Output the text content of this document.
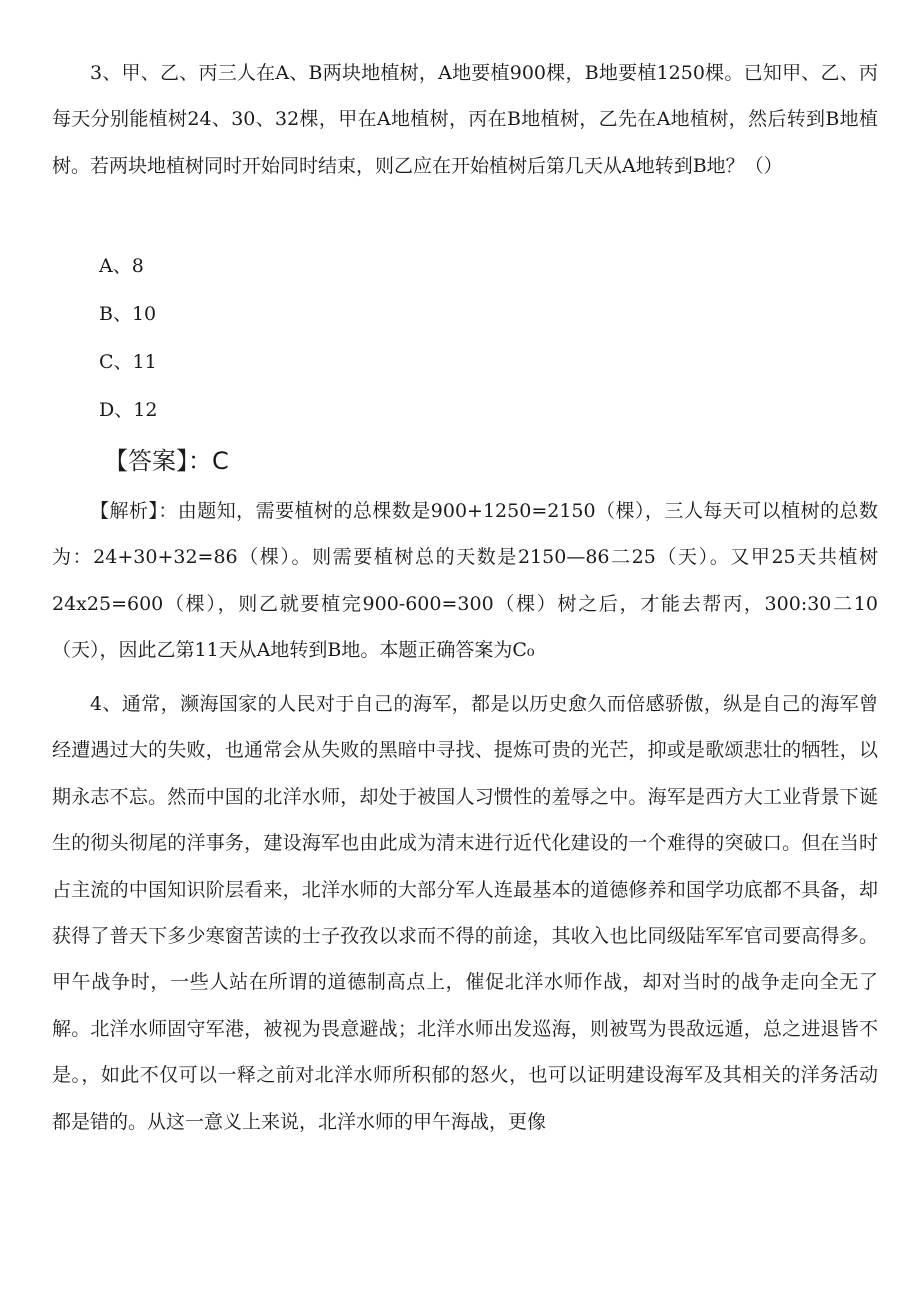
3、甲、乙、丙三人在A、B两块地植树，A地要植900棵，B地要植1250棵。已知甲、乙、丙每天分别能植树24、30、32棵，甲在A地植树，丙在B地植树，乙先在A地植树，然后转到B地植树。若两块地植树同时开始同时结束，则乙应在开始植树后第几天从A地转到B地？（）

A、8

B、10

C、11

D、12

【答案】：C

【解析】：由题知，需要植树的总棵数是900+1250=2150（棵），三人每天可以植树的总数为：24+30+32=86（棵）。则需要植树总的天数是2150—86二25（天）。又甲25天共植树24x25=600（棵），则乙就要植完900-600=300（棵）树之后，才能去帮丙，300:30二10（天），因此乙第11天从A地转到B地。本题正确答案为C₀

4、通常，濒海国家的人民对于自己的海军，都是以历史愈久而倍感骄傲，纵是自己的海军曾经遭遇过大的失败，也通常会从失败的黑暗中寻找、提炼可贵的光芒，抑或是歌颂悲壮的牺牲，以期永志不忘。然而中国的北洋水师，却处于被国人习惯性的羞辱之中。海军是西方大工业背景下诞生的彻头彻尾的洋事务，建设海军也由此成为清末进行近代化建设的一个难得的突破口。但在当时占主流的中国知识阶层看来，北洋水师的大部分军人连最基本的道德修养和国学功底都不具备，却获得了普天下多少寒窗苦读的士子孜孜以求而不得的前途，其收入也比同级陆军军官司要高得多。甲午战争时，一些人站在所谓的道德制高点上，催促北洋水师作战，却对当时的战争走向全无了解。北洋水师固守军港，被视为畏意避战；北洋水师出发巡海，则被骂为畏敌远遁，总之进退皆不是。，如此不仅可以一释之前对北洋水师所积郁的怒火，也可以证明建设海军及其相关的洋务活动都是错的。从这一意义上来说，北洋水师的甲午海战，更像
